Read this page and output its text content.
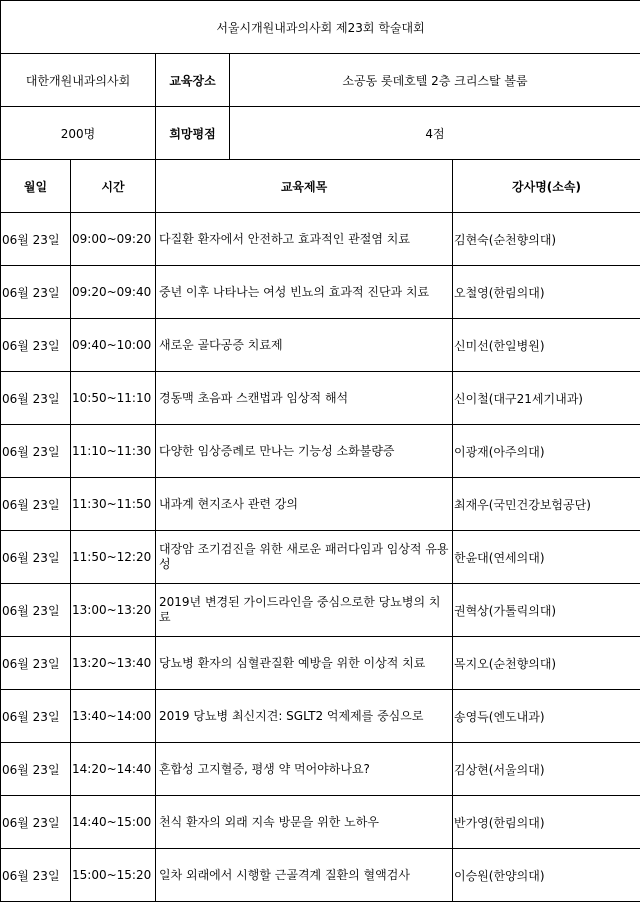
서울시개원내과의사회 제23회 학술대회				
대한개원내과의사회		교육장소	소공동 롯데호텔 2층 크리스탈 볼룸	
200명		희망평점	4점	
월일	시간	교육제목		강사명(소속)
06월 23일	09:00~09:20	다질환 환자에서 안전하고 효과적인 관절염 치료		김현숙(순천향의대)
06월 23일	09:20~09:40	중년 이후 나타나는 여성 빈뇨의 효과적 진단과 치료		오철영(한림의대)
06월 23일	09:40~10:00	새로운 골다공증 치료제		신미선(한일병원)
06월 23일	10:50~11:10	경동맥 초음파 스캔법과 임상적 해석		신이철(대구21세기내과)
06월 23일	11:10~11:30	다양한 임상증례로 만나는 기능성 소화불량증		이광재(아주의대)
06월 23일	11:30~11:50	내과계 현지조사 관련 강의		최재우(국민건강보험공단)
06월 23일	11:50~12:20	대장암 조기검진을 위한 새로운 패러다임과 임상적 유용성		한윤대(연세의대)
06월 23일	13:00~13:20	2019년 변경된 가이드라인을 중심으로한 당뇨병의 치료		권혁상(가톨릭의대)
06월 23일	13:20~13:40	당뇨병 환자의 심혈관질환 예방을 위한 이상적 치료		목지오(순천향의대)
06월 23일	13:40~14:00	2019 당뇨병 최신지견: SGLT2 억제제를 중심으로		송영득(엔도내과)
06월 23일	14:20~14:40	혼합성 고지혈증, 평생 약 먹어야하나요?		김상현(서울의대)
06월 23일	14:40~15:00	천식 환자의 외래 지속 방문을 위한 노하우		반가영(한림의대)
06월 23일	15:00~15:20	일차 외래에서 시행할 근골격계 질환의 혈액검사		이승원(한양의대)
